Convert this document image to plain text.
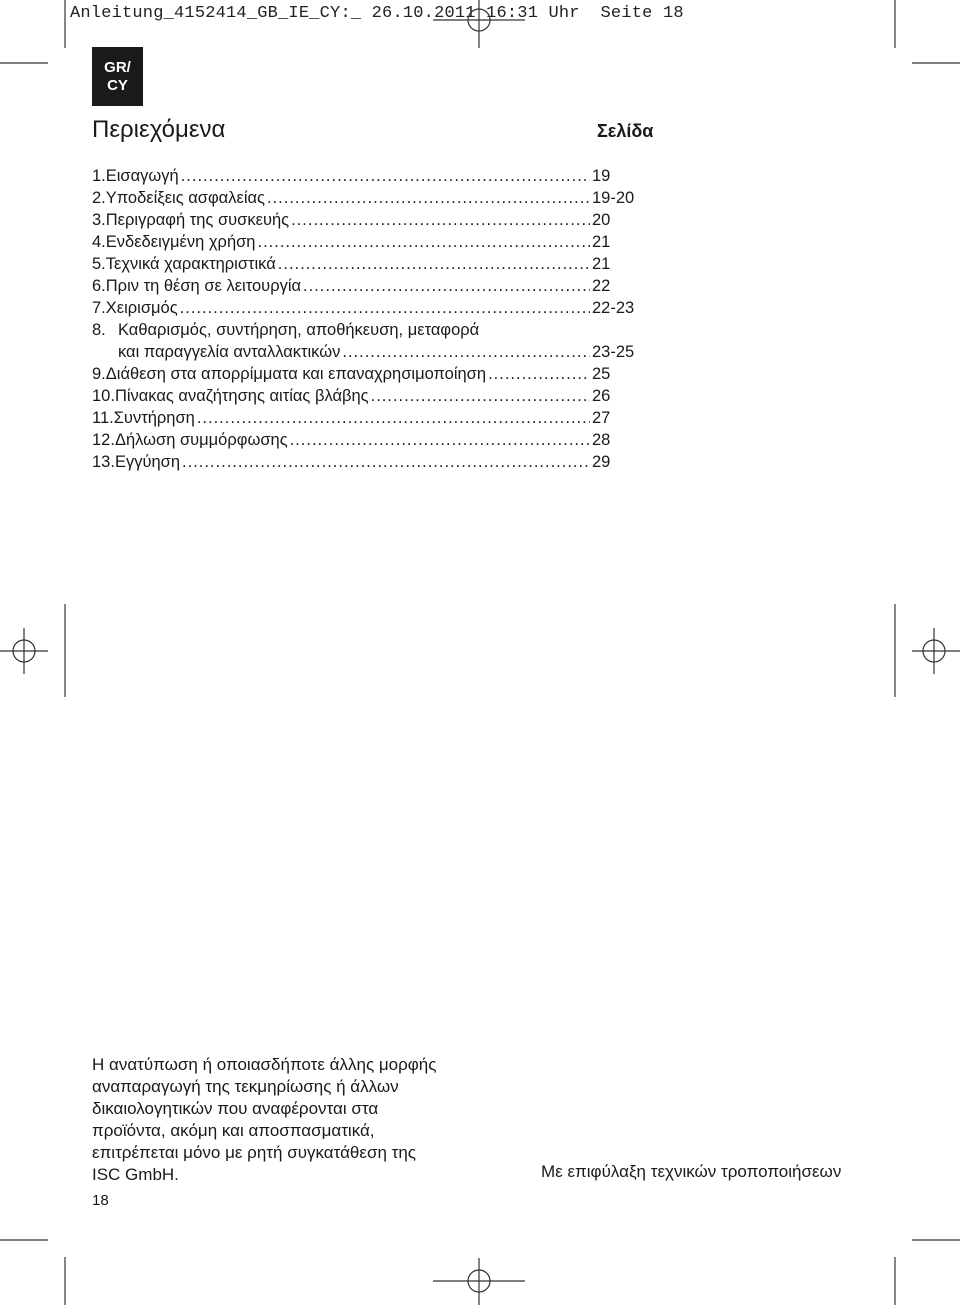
Anleitung_4152414_GB_IE_CY:_ 26.10.2011 16:31 Uhr Seite 18
GR/
CY
Περιεχόμενα	Σελίδα
1. Εισαγωγή .....	19
2. Υποδείξεις ασφαλείας .....	19-20
3. Περιγραφή της συσκευής .....	20
4. Ενδεδειγμένη χρήση .....	21
5. Τεχνικά χαρακτηριστικά .....	21
6. Πριν τη θέση σε λειτουργία .....	22
7. Χειρισμός .....	22-23
8. Καθαρισμός, συντήρηση, αποθήκευση, μεταφορά
και παραγγελία ανταλλακτικών .....	23-25
9. Διάθεση στα απορρίμματα και επαναχρησιμοποίηση .....	25
10. Πίνακας αναζήτησης αιτίας βλάβης .....	26
11. Συντήρηση .....	27
12. Δήλωση συμμόρφωσης .....	28
13. Εγγύηση .....	29
Η ανατύπωση ή οποιασδήποτε άλλης μορφής
αναπαραγωγή της τεκμηρίωσης ή άλλων
δικαιολογητικών που αναφέρονται στα
προϊόντα, ακόμη και αποσπασματικά,
επιτρέπεται μόνο με ρητή συγκατάθεση της
ISC GmbH.	Με επιφύλαξη τεχνικών τροποποιήσεων
18
